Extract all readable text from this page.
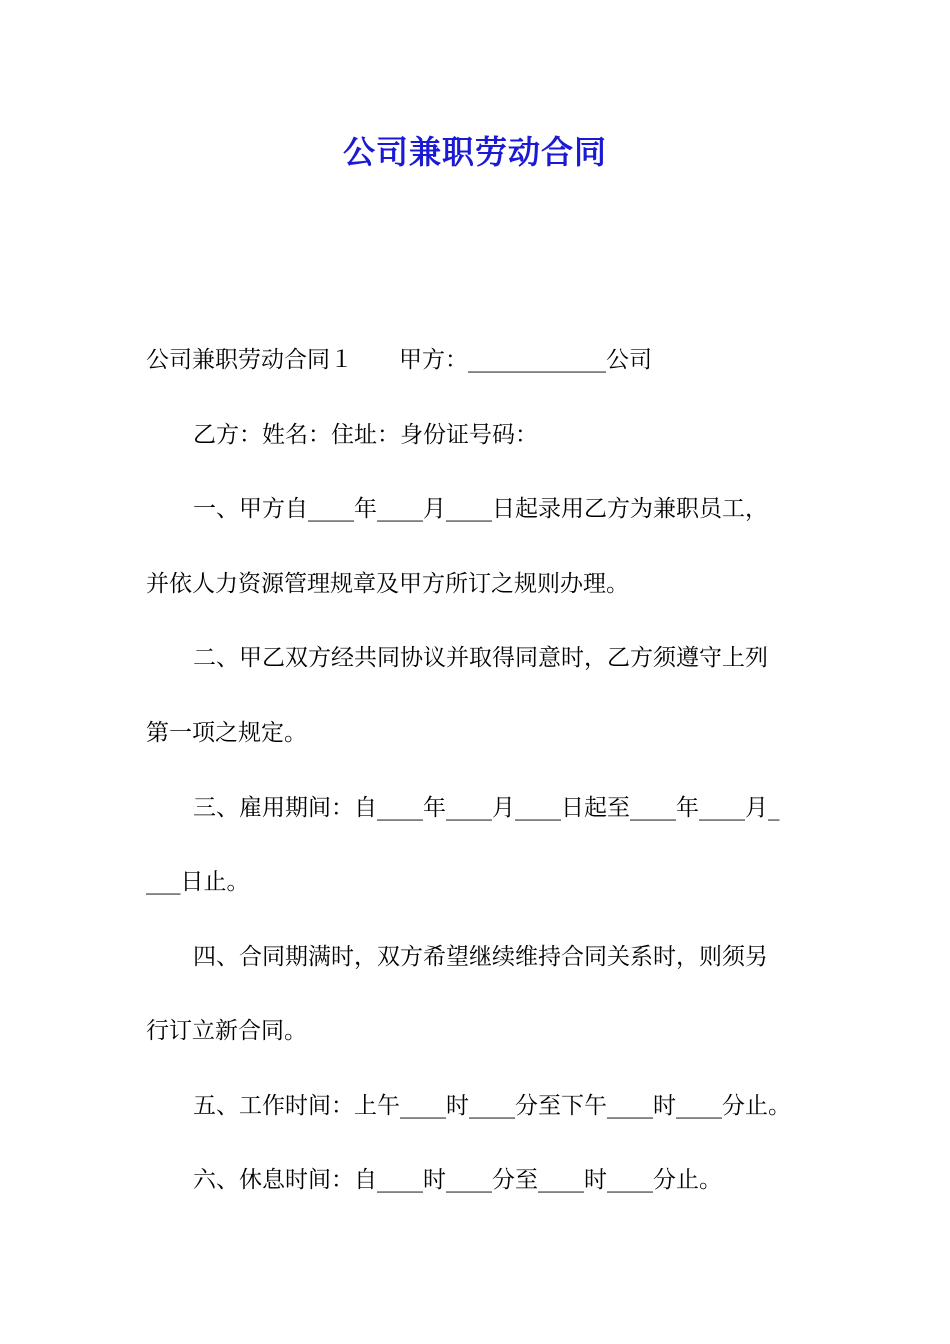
公司兼职劳动合同
公司兼职劳动合同１　　甲方：____________公司
乙方：姓名：住址：身份证号码：
一、甲方自____年____月____日起录用乙方为兼职员工，
并依人力资源管理规章及甲方所订之规则办理。
二、甲乙双方经共同协议并取得同意时，乙方须遵守上列
第一项之规定。
三、雇用期间：自____年____月____日起至____年____月_
___日止。
四、合同期满时，双方希望继续维持合同关系时，则须另
行订立新合同。
五、工作时间：上午____时____分至下午____时____分止。
六、休息时间：自____时____分至____时____分止。
